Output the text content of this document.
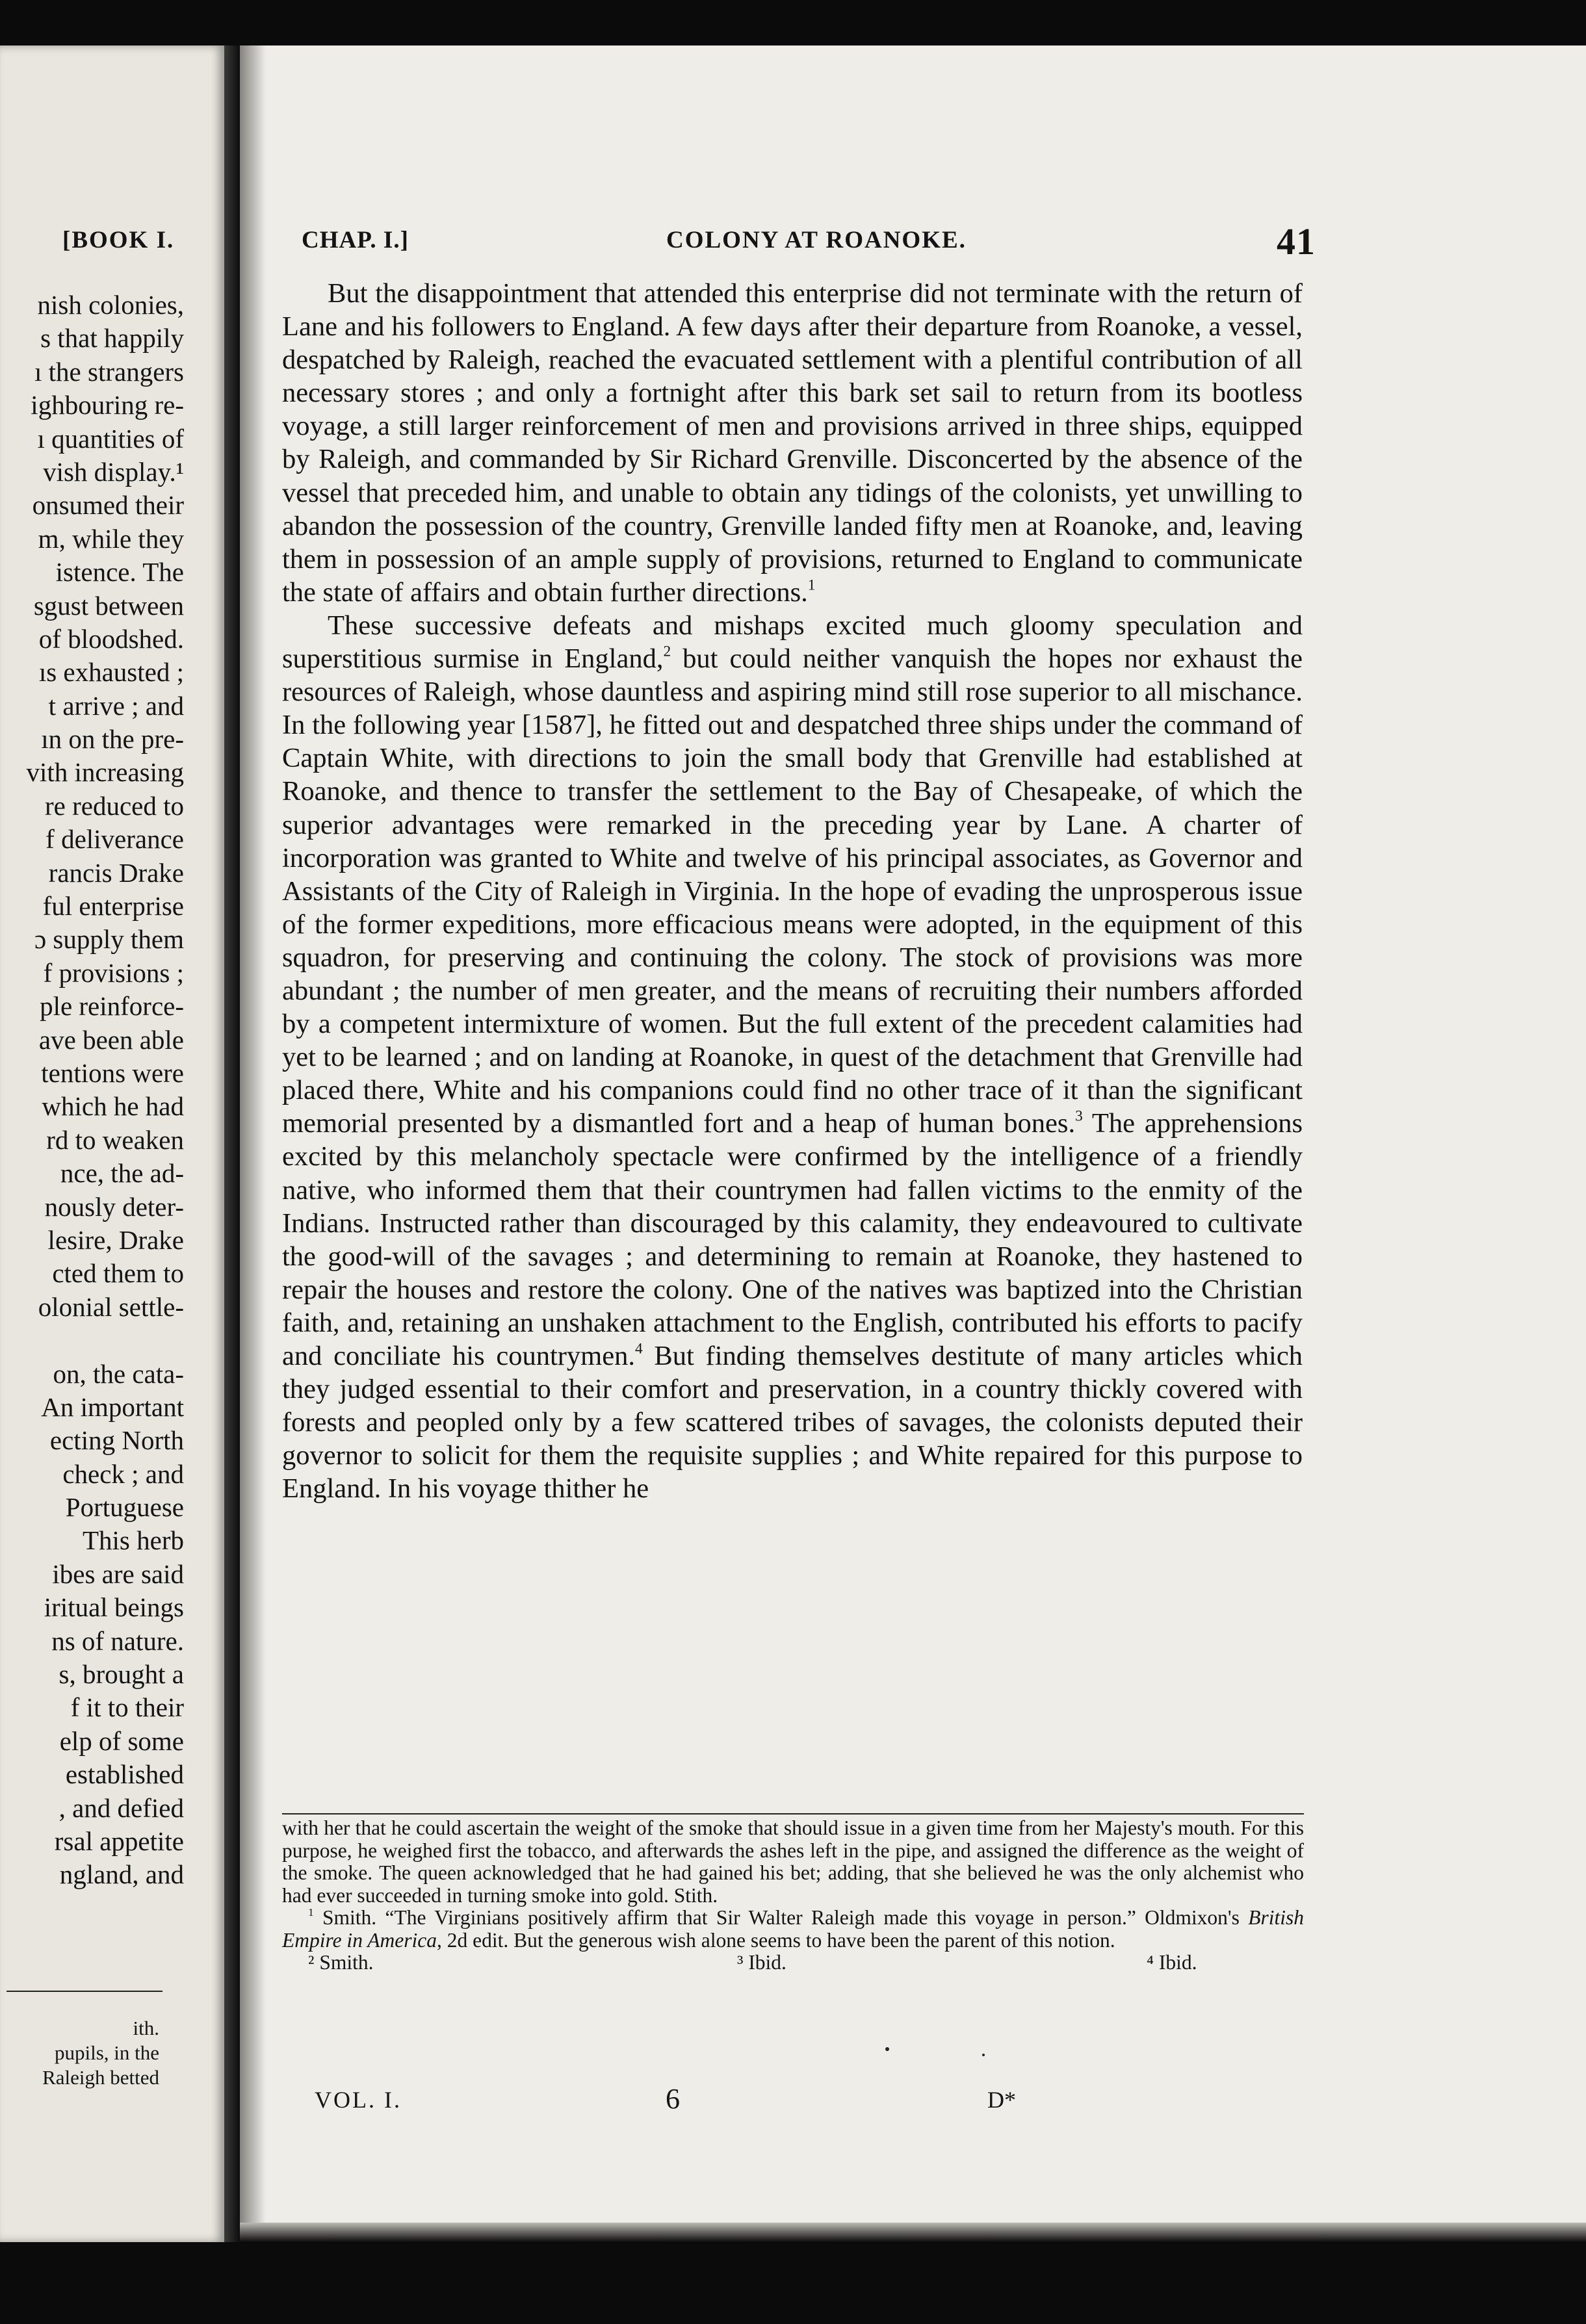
[BOOK I.
nish colonies,
s that happily
ı the strangers
ighbouring re-
ı quantities of
vish display.¹
onsumed their
m, while they
istence. The
sgust between
of bloodshed.
ıs exhausted ;
t arrive ; and
ın on the pre-
vith increasing
re reduced to
f deliverance
rancis Drake
ful enterprise
ɔ supply them
f provisions ;
ple reinforce-
ave been able
tentions were
which he had
rd to weaken
nce, the ad-
nously deter-
lesire, Drake
cted them to
olonial settle-
on, the cata-
An important
ecting North
check ; and
Portuguese
This herb
ibes are said
iritual beings
ns of nature.
s, brought a
f it to their
elp of some
established
, and defied
rsal appetite
ngland, and
ith.
pupils, in the
Raleigh betted
CHAP. I.]	COLONY AT ROANOKE.	41

But the disappointment that attended this enterprise did not terminate with the return of Lane and his followers to England. A few days after their departure from Roanoke, a vessel, despatched by Raleigh, reached the evacuated settlement with a plentiful contribution of all necessary stores ; and only a fortnight after this bark set sail to return from its bootless voyage, a still larger reinforcement of men and provisions arrived in three ships, equipped by Raleigh, and commanded by Sir Richard Grenville. Disconcerted by the absence of the vessel that preceded him, and unable to obtain any tidings of the colonists, yet unwilling to abandon the possession of the country, Grenville landed fifty men at Roanoke, and, leaving them in possession of an ample supply of provisions, returned to England to communicate the state of affairs and obtain further directions.$^1$

These successive defeats and mishaps excited much gloomy speculation and superstitious surmise in England,$^2$ but could neither vanquish the hopes nor exhaust the resources of Raleigh, whose dauntless and aspiring mind still rose superior to all mischance. In the following year [1587], he fitted out and despatched three ships under the command of Captain White, with directions to join the small body that Grenville had established at Roanoke, and thence to transfer the settlement to the Bay of Chesapeake, of which the superior advantages were remarked in the preceding year by Lane. A charter of incorporation was granted to White and twelve of his principal associates, as Governor and Assistants of the City of Raleigh in Virginia. In the hope of evading the unprosperous issue of the former expeditions, more efficacious means were adopted, in the equipment of this squadron, for preserving and continuing the colony. The stock of provisions was more abundant ; the number of men greater, and the means of recruiting their numbers afforded by a competent intermixture of women. But the full extent of the precedent calamities had yet to be learned ; and on landing at Roanoke, in quest of the detachment that Grenville had placed there, White and his companions could find no other trace of it than the significant memorial presented by a dismantled fort and a heap of human bones.$^3$ The apprehensions excited by this melancholy spectacle were confirmed by the intelligence of a friendly native, who informed them that their countrymen had fallen victims to the enmity of the Indians. Instructed rather than discouraged by this calamity, they endeavoured to cultivate the good-will of the savages ; and determining to remain at Roanoke, they hastened to repair the houses and restore the colony. One of the natives was baptized into the Christian faith, and, retaining an unshaken attachment to the English, contributed his efforts to pacify and conciliate his countrymen.$^4$ But finding themselves destitute of many articles which they judged essential to their comfort and preservation, in a country thickly covered with forests and peopled only by a few scattered tribes of savages, the colonists deputed their governor to solicit for them the requisite supplies ; and White repaired for this purpose to England. In his voyage thither he

with her that he could ascertain the weight of the smoke that should issue in a given time from her Majesty's mouth. For this purpose, he weighed first the tobacco, and afterwards the ashes left in the pipe, and assigned the difference as the weight of the smoke. The queen acknowledged that he had gained his bet; adding, that she believed he was the only alchemist who had ever succeeded in turning smoke into gold. Stith.

$^1$ Smith. “The Virginians positively affirm that Sir Walter Raleigh made this voyage in person.” Oldmixon's British Empire in America, 2d edit. But the generous wish alone seems to have been the parent of this notion.

² Smith.	³ Ibid.	⁴ Ibid.
VOL. I.	6	D*
